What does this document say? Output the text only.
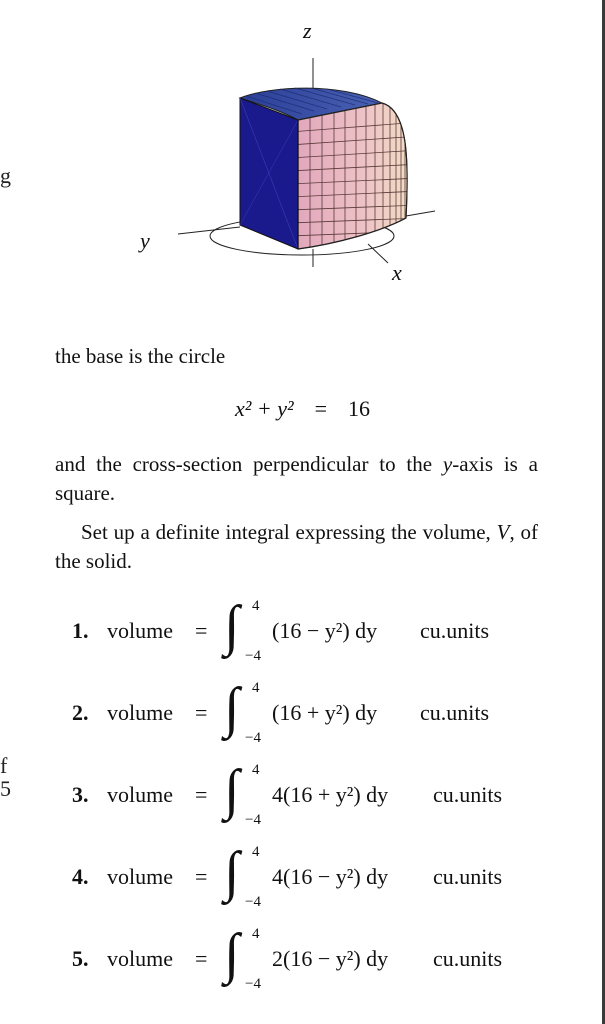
g
f
5
z
y
x
the base is the circle
x² + y² = 16
and the cross-section perpendicular to the y-axis is a square.
Set up a definite integral expressing the volume, V, of the solid.
1. volume = ∫ 4
−4
(16 − y²) dy cu.units
2. volume = ∫ 4
−4
(16 + y²) dy cu.units
3. volume = ∫ 4
−4
4(16 + y²) dy cu.units
4. volume = ∫ 4
−4
4(16 − y²) dy cu.units
5. volume = ∫ 4
−4
2(16 − y²) dy cu.units
